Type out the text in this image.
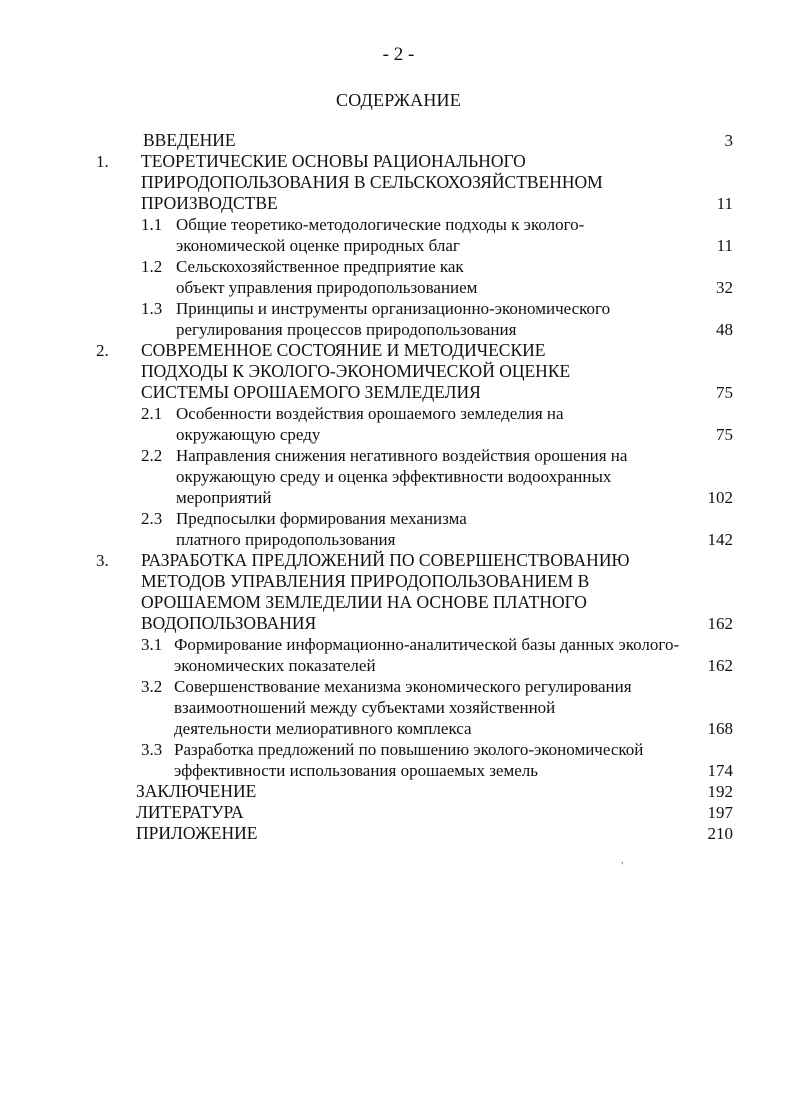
- 2 -
СОДЕРЖАНИЕ
ВВЕДЕНИЕ	3
1. ТЕОРЕТИЧЕСКИЕ ОСНОВЫ РАЦИОНАЛЬНОГО ПРИРОДОПОЛЬЗОВАНИЯ В СЕЛЬСКОХОЗЯЙСТВЕННОМ ПРОИЗВОДСТВЕ	11
1.1 Общие теоретико-методологические подходы к эколого-экономической оценке природных благ	11
1.2 Сельскохозяйственное предприятие как объект управления природопользованием	32
1.3 Принципы и инструменты организационно-экономического регулирования процессов природопользования	48
2. СОВРЕМЕННОЕ СОСТОЯНИЕ И МЕТОДИЧЕСКИЕ ПОДХОДЫ К ЭКОЛОГО-ЭКОНОМИЧЕСКОЙ ОЦЕНКЕ СИСТЕМЫ ОРОШАЕМОГО ЗЕМЛЕДЕЛИЯ	75
2.1 Особенности воздействия орошаемого земледелия на окружающую среду	75
2.2 Направления снижения негативного воздействия орошения на окружающую среду и оценка эффективности водоохранных мероприятий	102
2.3 Предпосылки формирования механизма платного природопользования	142
3. РАЗРАБОТКА ПРЕДЛОЖЕНИЙ ПО СОВЕРШЕНСТВОВАНИЮ МЕТОДОВ УПРАВЛЕНИЯ ПРИРОДОПОЛЬЗОВАНИЕМ В ОРОШАЕМОМ ЗЕМЛЕДЕЛИИ НА ОСНОВЕ ПЛАТНОГО ВОДОПОЛЬЗОВАНИЯ	162
3.1 Формирование информационно-аналитической базы данных эколого-экономических показателей	162
3.2 Совершенствование механизма экономического регулирования взаимоотношений между субъектами хозяйственной деятельности мелиоративного комплекса	168
3.3 Разработка предложений по повышению эколого-экономической эффективности использования орошаемых земель	174
ЗАКЛЮЧЕНИЕ	192
ЛИТЕРАТУРА	197
ПРИЛОЖЕНИЕ	210
,
